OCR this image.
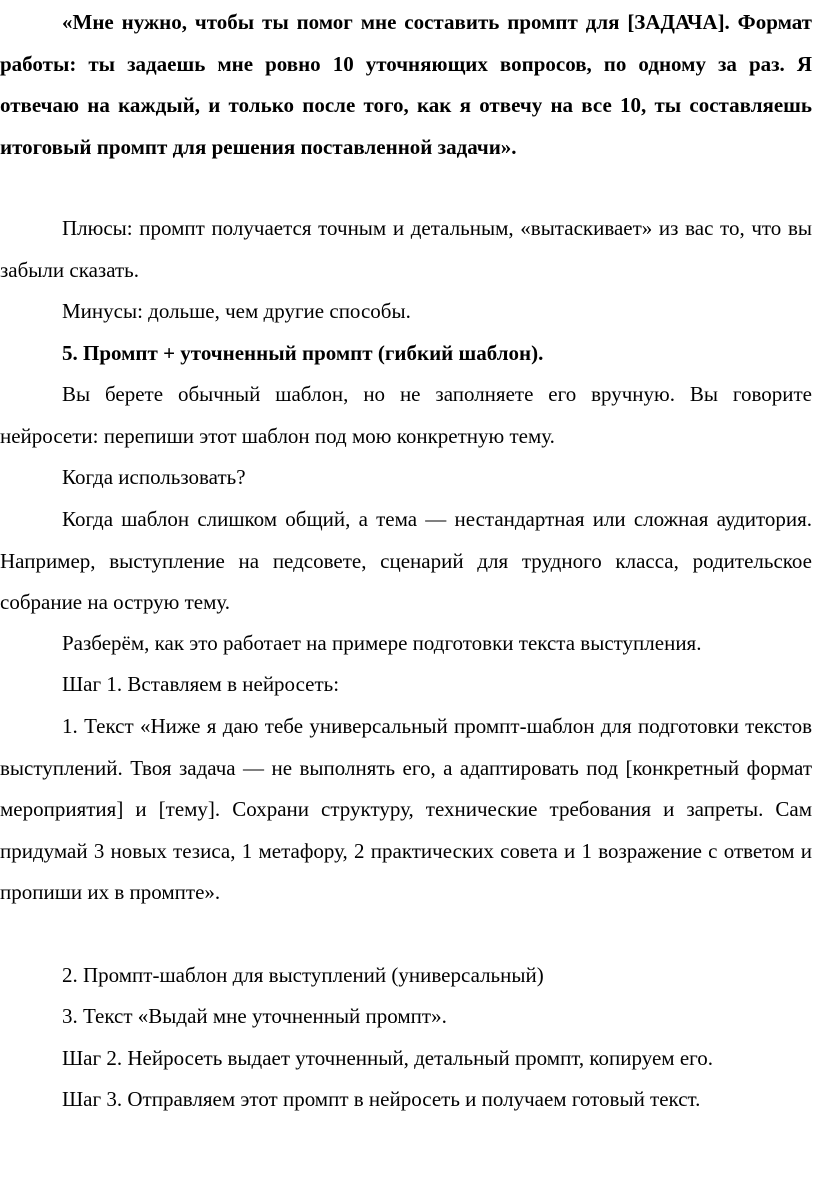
«Мне нужно, чтобы ты помог мне составить промпт для [ЗАДАЧА]. Формат работы: ты задаешь мне ровно 10 уточняющих вопросов, по одному за раз. Я отвечаю на каждый, и только после того, как я отвечу на все 10, ты составляешь итоговый промпт для решения поставленной задачи».

Плюсы: промпт получается точным и детальным, «вытаскивает» из вас то, что вы забыли сказать.

Минусы: дольше, чем другие способы.

5. Промпт + уточненный промпт (гибкий шаблон).

Вы берете обычный шаблон, но не заполняете его вручную. Вы говорите нейросети: перепиши этот шаблон под мою конкретную тему.

Когда использовать?

Когда шаблон слишком общий, а тема — нестандартная или сложная аудитория. Например, выступление на педсовете, сценарий для трудного класса, родительское собрание на острую тему.

Разберём, как это работает на примере подготовки текста выступления.

Шаг 1. Вставляем в нейросеть:

1. Текст «Ниже я даю тебе универсальный промпт-шаблон для подготовки текстов выступлений. Твоя задача — не выполнять его, а адаптировать под [конкретный формат мероприятия] и [тему]. Сохрани структуру, технические требования и запреты. Сам придумай 3 новых тезиса, 1 метафору, 2 практических совета и 1 возражение с ответом и пропиши их в промпте».

2. Промпт-шаблон для выступлений (универсальный)

3. Текст «Выдай мне уточненный промпт».

Шаг 2. Нейросеть выдает уточненный, детальный промпт, копируем его.

Шаг 3. Отправляем этот промпт в нейросеть и получаем готовый текст.
